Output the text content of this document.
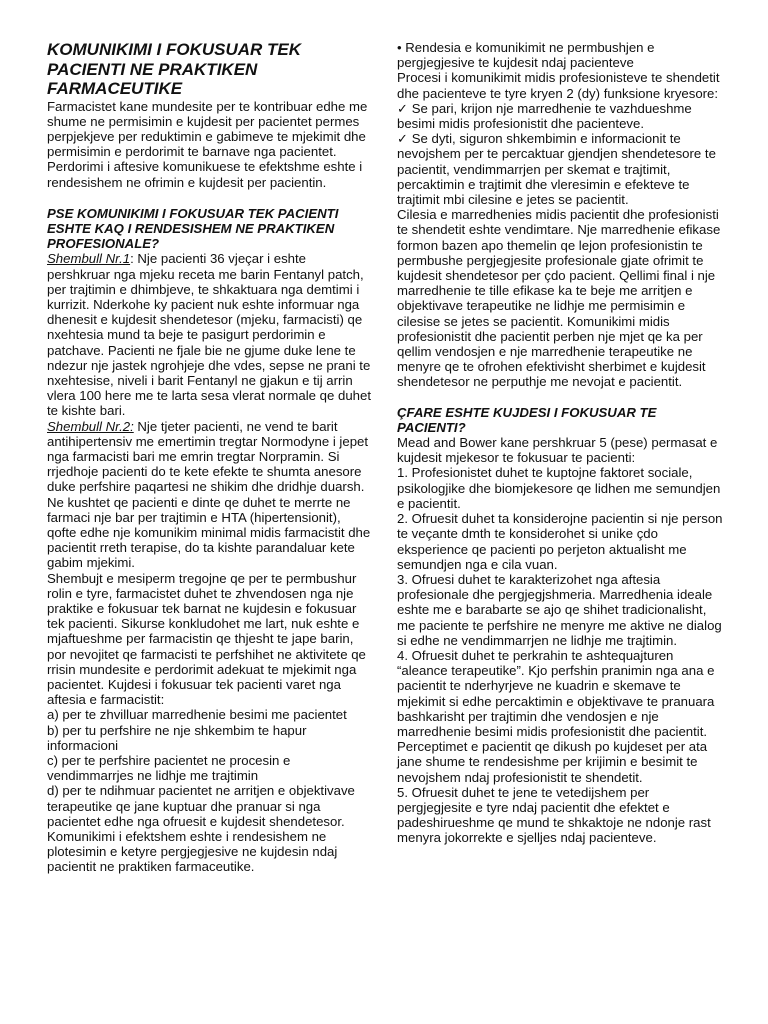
KOMUNIKIMI I FOKUSUAR TEK PACIENTI NE PRAKTIKEN FARMACEUTIKE

Farmacistet kane mundesite per te kontribuar edhe me shume ne permisimin e kujdesit per pacientet permes perpjekjeve per reduktimin e gabimeve te mjekimit dhe permisimin e perdorimit te barnave nga pacientet. Perdorimi i aftesive komunikuese te efektshme eshte i rendesishem ne ofrimin e kujdesit per pacientin.

PSE KOMUNIKIMI I FOKUSUAR TEK PACIENTI ESHTE KAQ I RENDESISHEM NE PRAKTIKEN PROFESIONALE?

Shembull Nr.1: Nje pacienti 36 vjeçar i eshte pershkruar nga mjeku receta me barin Fentanyl patch, per trajtimin e dhimbjeve, te shkaktuara nga demtimi i kurrizit. Nderkohe ky pacient nuk eshte informuar nga dhenesit e kujdesit shendetesor (mjeku, farmacisti) qe nxehtesia mund ta beje te pasigurt perdorimin e patchave. Pacienti ne fjale bie ne gjume duke lene te ndezur nje jastek ngrohjeje dhe vdes, sepse ne prani te nxehtesise, niveli i barit Fentanyl ne gjakun e tij arrin vlera 100 here me te larta sesa vlerat normale qe duhet te kishte bari.

Shembull Nr.2: Nje tjeter pacienti, ne vend te barit antihipertensiv me emertimin tregtar Normodyne i jepet nga farmacisti bari me emrin tregtar Norpramin. Si rrjedhoje pacienti do te kete efekte te shumta anesore duke perfshire paqartesi ne shikim dhe dridhje duarsh. Ne kushtet qe pacienti e dinte qe duhet te merrte ne farmaci nje bar per trajtimin e HTA (hipertensionit), qofte edhe nje komunikim minimal midis farmacistit dhe pacientit rreth terapise, do ta kishte parandaluar kete gabim mjekimi.

Shembujt e mesiperm tregojne qe per te permbushur rolin e tyre, farmacistet duhet te zhvendosen nga nje praktike e fokusuar tek barnat ne kujdesin e fokusuar tek pacienti. Sikurse konkludohet me lart, nuk eshte e mjaftueshme per farmacistin qe thjesht te jape barin, por nevojitet qe farmacisti te perfshihet ne aktivitete qe rrisin mundesite e perdorimit adekuat te mjekimit nga pacientet. Kujdesi i fokusuar tek pacienti varet nga aftesia e farmacistit:

a) per te zhvilluar marredhenie besimi me pacientet

b) per tu perfshire ne nje shkembim te hapur informacioni

c) per te perfshire pacientet ne procesin e vendimmarrjes ne lidhje me trajtimin

d) per te ndihmuar pacientet ne arritjen e objektivave terapeutike qe jane kuptuar dhe pranuar si nga pacientet edhe nga ofruesit e kujdesit shendetesor.

Komunikimi i efektshem eshte i rendesishem ne plotesimin e ketyre pergjegjesive ne kujdesin ndaj pacientit ne praktiken farmaceutike.

• Rendesia e komunikimit ne permbushjen e pergjegjesive te kujdesit ndaj pacienteve

Procesi i komunikimit midis profesionisteve te shendetit dhe pacienteve te tyre kryen 2 (dy) funksione kryesore:

✓ Se pari, krijon nje marredhenie te vazhdueshme besimi midis profesionistit dhe pacienteve.

✓ Se dyti, siguron shkembimin e informacionit te nevojshem per te percaktuar gjendjen shendetesore te pacientit, vendimmarrjen per skemat e trajtimit, percaktimin e trajtimit dhe vleresimin e efekteve te trajtimit mbi cilesine e jetes se pacientit.

Cilesia e marredhenies midis pacientit dhe profesionisti te shendetit eshte vendimtare. Nje marredhenie efikase formon bazen apo themelin qe lejon profesionistin te permbushe pergjegjesite profesionale gjate ofrimit te kujdesit shendetesor per çdo pacient. Qellimi final i nje marredhenie te tille efikase ka te beje me arritjen e objektivave terapeutike ne lidhje me permisimin e cilesise se jetes se pacientit. Komunikimi midis profesionistit dhe pacientit perben nje mjet qe ka per qellim vendosjen e nje marredhenie terapeutike ne menyre qe te ofrohen efektivisht sherbimet e kujdesit shendetesor ne perputhje me nevojat e pacientit.

ÇFARE ESHTE KUJDESI I FOKUSUAR TE PACIENTI?

Mead and Bower kane pershkruar 5 (pese) permasat e kujdesit mjekesor te fokusuar te pacienti:

1. Profesionistet duhet te kuptojne faktoret sociale, psikologjike dhe biomjekesore qe lidhen me semundjen e pacientit.

2. Ofruesit duhet ta konsiderojne pacientin si nje person te veçante dmth te konsiderohet si unike çdo eksperience qe pacienti po perjeton aktualisht me semundjen nga e cila vuan.

3. Ofruesi duhet te karakterizohet nga aftesia profesionale dhe pergjegjshmeria. Marredhenia ideale eshte me e barabarte se ajo qe shihet tradicionalisht, me paciente te perfshire ne menyre me aktive ne dialog si edhe ne vendimmarrjen ne lidhje me trajtimin.

4. Ofruesit duhet te perkrahin te ashtequajturen “aleance terapeutike”. Kjo perfshin pranimin nga ana e pacientit te nderhyrjeve ne kuadrin e skemave te mjekimit si edhe percaktimin e objektivave te pranuara bashkarisht per trajtimin dhe vendosjen e nje marredhenie besimi midis profesionistit dhe pacientit. Perceptimet e pacientit qe dikush po kujdeset per ata jane shume te rendesishme per krijimin e besimit te nevojshem ndaj profesionistit te shendetit.

5. Ofruesit duhet te jene te vetedijshem per pergjegjesite e tyre ndaj pacientit dhe efektet e padeshirueshme qe mund te shkaktoje ne ndonje rast menyra jokorrekte e sjelljes ndaj pacienteve.
